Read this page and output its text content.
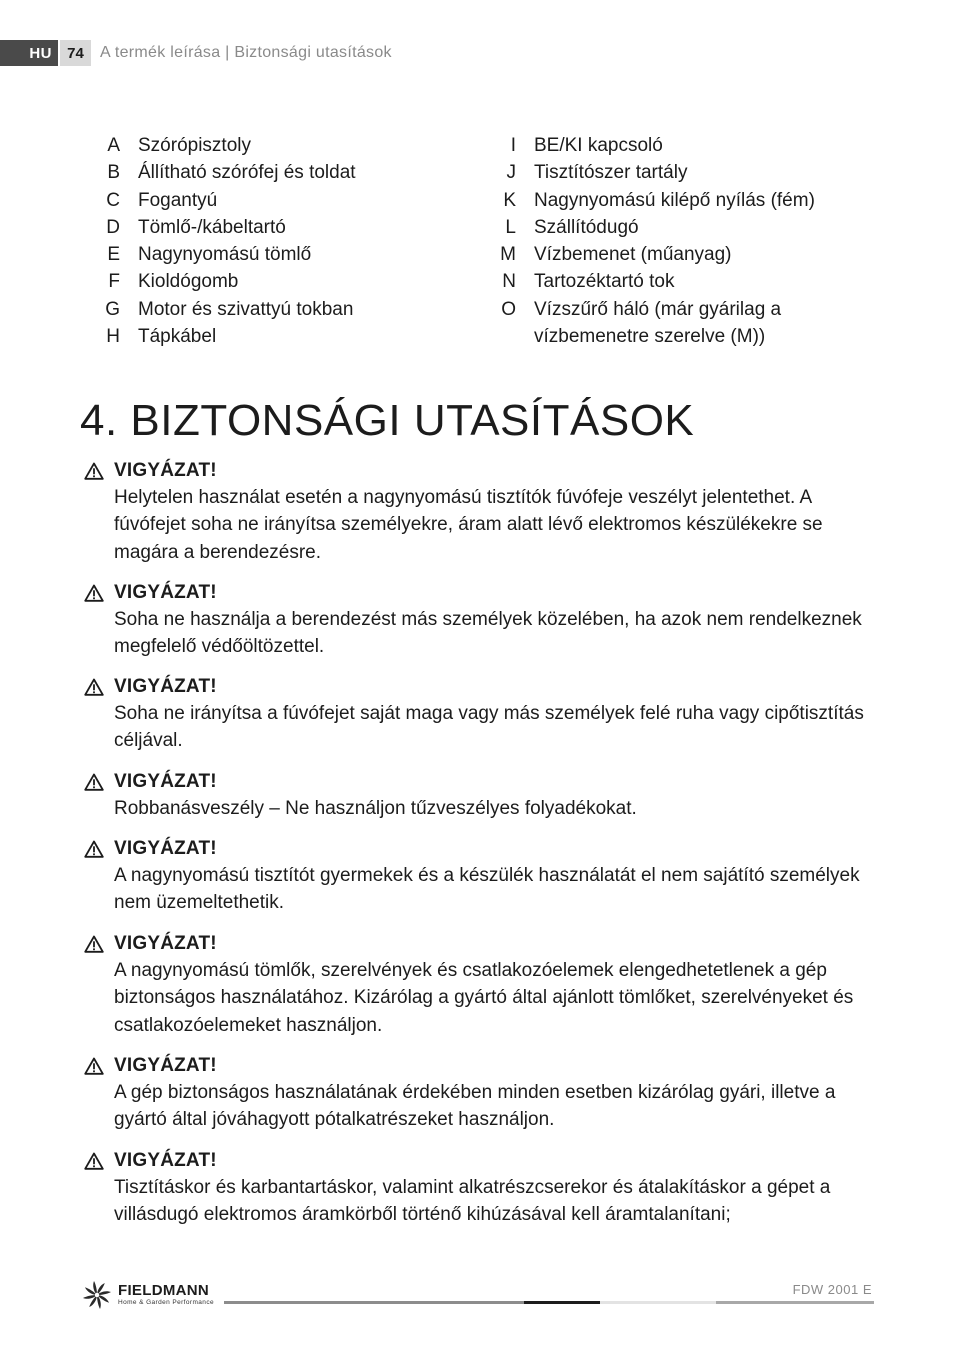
HU	74	A termék leírása | Biztonsági utasítások
A Szórópisztoly
B Állítható szórófej és toldat
C Fogantyú
D Tömlő-/kábeltartó
E Nagynyomású tömlő
F Kioldógomb
G Motor és szivattyú tokban
H Tápkábel
I BE/KI kapcsoló
J Tisztítószer tartály
K Nagynyomású kilépő nyílás (fém)
L Szállítódugó
M Vízbemenet (műanyag)
N Tartozéktartó tok
O Vízszűrő háló (már gyárilag a vízbemenetre szerelve (M))
4. BIZTONSÁGI UTASÍTÁSOK
VIGYÁZAT!
Helytelen használat esetén a nagynyomású tisztítók fúvófeje veszélyt jelentethet. A fúvófejet soha ne irányítsa személyekre, áram alatt lévő elektromos készülékekre se magára a berendezésre.
VIGYÁZAT!
Soha ne használja a berendezést más személyek közelében, ha azok nem rendelkeznek megfelelő védőöltözettel.
VIGYÁZAT!
Soha ne irányítsa a fúvófejet saját maga vagy más személyek felé ruha vagy cipőtisztítás céljával.
VIGYÁZAT!
Robbanásveszély – Ne használjon tűzveszélyes folyadékokat.
VIGYÁZAT!
A nagynyomású tisztítót gyermekek és a készülék használatát el nem sajátító személyek nem üzemeltethetik.
VIGYÁZAT!
A nagynyomású tömlők, szerelvények és csatlakozóelemek elengedhetetlenek a gép biztonságos használatához. Kizárólag a gyártó által ajánlott tömlőket, szerelvényeket és csatlakozóelemeket használjon.
VIGYÁZAT!
A gép biztonságos használatának érdekében minden esetben kizárólag gyári, illetve a gyártó által jóváhagyott pótalkatrészeket használjon.
VIGYÁZAT!
Tisztításkor és karbantartáskor, valamint alkatrészcserekor és átalakításkor a gépet a villásdugó elektromos áramkörből történő kihúzásával kell áramtalanítani;
FIELDMANN
Home & Garden Performance
FDW 2001 E
